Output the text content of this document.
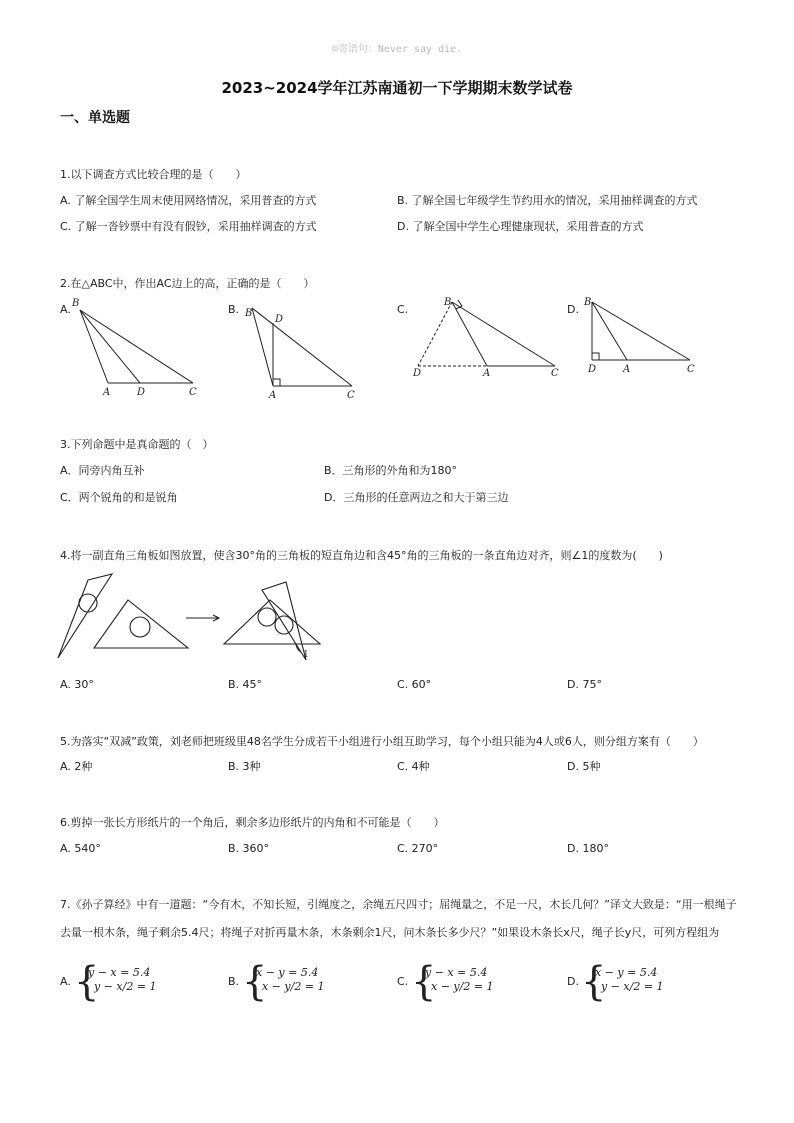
☺寄语句：Never say die.
2023~2024学年江苏南通初一下学期期末数学试卷
一、单选题
1.以下调查方式比较合理的是（　　）
A. 了解全国学生周末使用网络情况，采用普查的方式	B. 了解全国七年级学生节约用水的情况，采用抽样调查的方式
C. 了解一沓钞票中有没有假钞，采用抽样调查的方式	D. 了解全国中学生心理健康现状，采用普查的方式
2.在△ABC中，作出AC边上的高，正确的是（　　）
A.	B.	C.	D.
B
A	D	C
B
D
A	C
B
D	A	C
B
D	A	C
3.下列命题中是真命题的（　）
A．同旁内角互补	B．三角形的外角和为180°
C．两个锐角的和是锐角	D．三角形的任意两边之和大于第三边
4.将一副直角三角板如图放置，使含30°角的三角板的短直角边和含45°角的三角板的一条直角边对齐，则∠1的度数为(　　)
1
A. 30°	B. 45°	C. 60°	D. 75°
5.为落实“双减”政策，刘老师把班级里48名学生分成若干小组进行小组互助学习，每个小组只能为4人或6人，则分组方案有（　　）
A. 2种	B. 3种	C. 4种	D. 5种
6.剪掉一张长方形纸片的一个角后，剩余多边形纸片的内角和不可能是（　　）
A. 540°	B. 360°	C. 270°	D. 180°
7.《孙子算经》中有一道题：“今有木，不知长短，引绳度之，余绳五尺四寸；屈绳量之，不足一尺，木长几何？”译文大致是：“用一根绳子去量一根木条，绳子剩余5.4尺；将绳子对折再量木条，木条剩余1尺，问木条长多少尺？”如果设木条长x尺，绳子长y尺，可列方程组为
A. {
y − x = 5.4
y − x/2 = 1	B. {
x − y = 5.4
x − y/2 = 1	C. {
y − x = 5.4
x − y/2 = 1	D. {
x − y = 5.4
y − x/2 = 1
